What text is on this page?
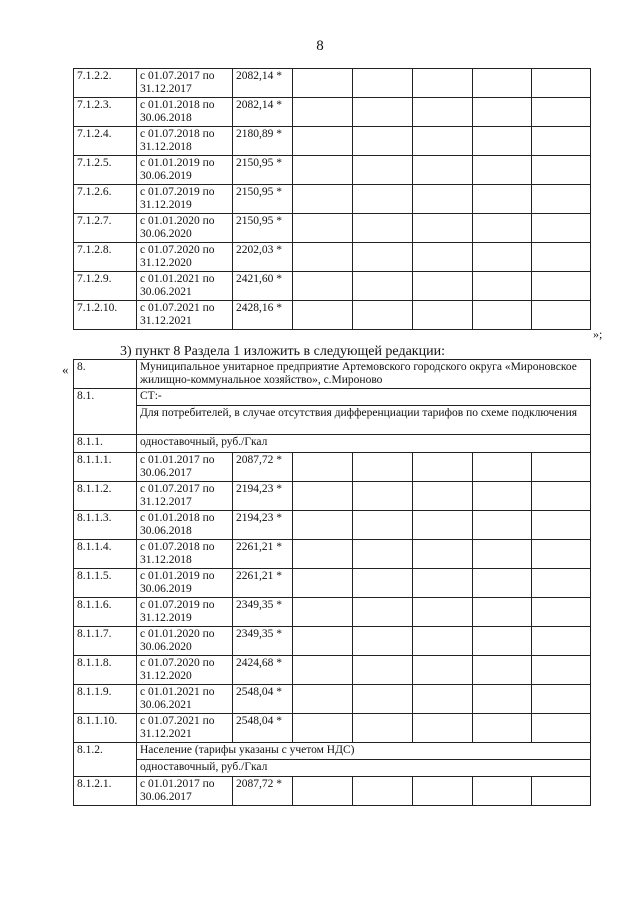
8
7.1.2.2.	с 01.07.2017 по 31.12.2017	2082,14 *					
7.1.2.3.	с 01.01.2018 по 30.06.2018	2082,14 *					
7.1.2.4.	с 01.07.2018 по 31.12.2018	2180,89 *					
7.1.2.5.	с 01.01.2019 по 30.06.2019	2150,95 *					
7.1.2.6.	с 01.07.2019 по 31.12.2019	2150,95 *					
7.1.2.7.	с 01.01.2020 по 30.06.2020	2150,95 *					
7.1.2.8.	с 01.07.2020 по 31.12.2020	2202,03 *					
7.1.2.9.	с 01.01.2021 по 30.06.2021	2421,60 *					
7.1.2.10.	с 01.07.2021 по 31.12.2021	2428,16 *					
»;
3) пункт 8 Раздела 1 изложить в следующей редакции:
« 8.	Муниципальное унитарное предприятие Артемовского городского округа «Мироновское жилищно-коммунальное хозяйство», с.Мироново						
8.1.	СТ:-						
	Для потребителей, в случае отсутствия дифференциации тарифов по схеме подключения						
8.1.1.	одноставочный, руб./Гкал						
8.1.1.1.	с 01.01.2017 по 30.06.2017	2087,72 *					
8.1.1.2.	с 01.07.2017 по 31.12.2017	2194,23 *					
8.1.1.3.	с 01.01.2018 по 30.06.2018	2194,23 *					
8.1.1.4.	с 01.07.2018 по 31.12.2018	2261,21 *					
8.1.1.5.	с 01.01.2019 по 30.06.2019	2261,21 *					
8.1.1.6.	с 01.07.2019 по 31.12.2019	2349,35 *					
8.1.1.7.	с 01.01.2020 по 30.06.2020	2349,35 *					
8.1.1.8.	с 01.07.2020 по 31.12.2020	2424,68 *					
8.1.1.9.	с 01.01.2021 по 30.06.2021	2548,04 *					
8.1.1.10.	с 01.07.2021 по 31.12.2021	2548,04 *					
8.1.2.	Население (тарифы указаны с учетом НДС)						
	одноставочный, руб./Гкал						
8.1.2.1.	с 01.01.2017 по 30.06.2017	2087,72 *					
